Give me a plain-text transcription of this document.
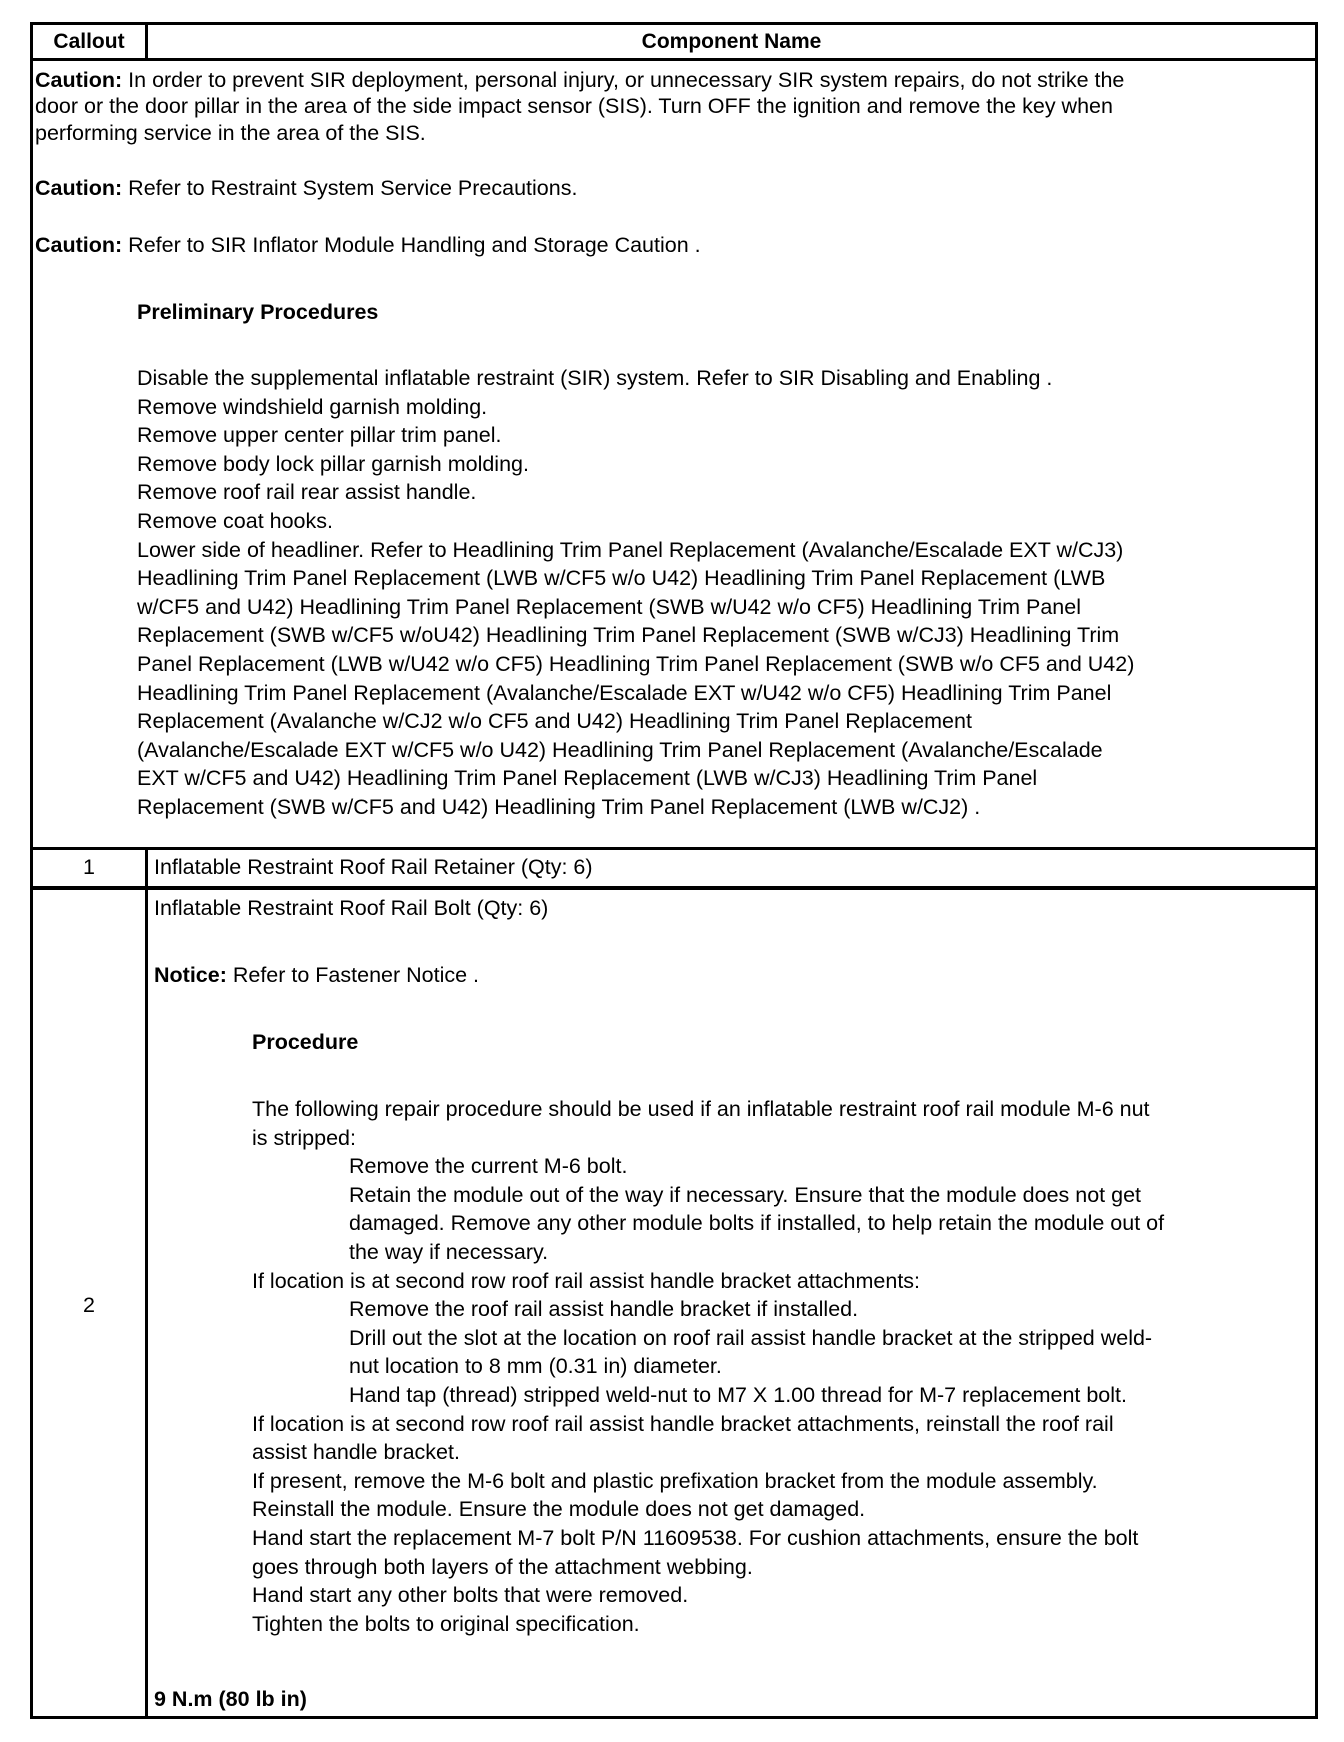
Callout	Component Name
Caution: In order to prevent SIR deployment, personal injury, or unnecessary SIR system repairs, do not strike the
door or the door pillar in the area of the side impact sensor (SIS). Turn OFF the ignition and remove the key when
performing service in the area of the SIS.
Caution: Refer to Restraint System Service Precautions.
Caution: Refer to SIR Inflator Module Handling and Storage Caution .
Preliminary Procedures
Disable the supplemental inflatable restraint (SIR) system. Refer to SIR Disabling and Enabling .
Remove windshield garnish molding.
Remove upper center pillar trim panel.
Remove body lock pillar garnish molding.
Remove roof rail rear assist handle.
Remove coat hooks.
Lower side of headliner. Refer to Headlining Trim Panel Replacement (Avalanche/Escalade EXT w/CJ3)
Headlining Trim Panel Replacement (LWB w/CF5 w/o U42) Headlining Trim Panel Replacement (LWB
w/CF5 and U42) Headlining Trim Panel Replacement (SWB w/U42 w/o CF5) Headlining Trim Panel
Replacement (SWB w/CF5 w/oU42) Headlining Trim Panel Replacement (SWB w/CJ3) Headlining Trim
Panel Replacement (LWB w/U42 w/o CF5) Headlining Trim Panel Replacement (SWB w/o CF5 and U42)
Headlining Trim Panel Replacement (Avalanche/Escalade EXT w/U42 w/o CF5) Headlining Trim Panel
Replacement (Avalanche w/CJ2 w/o CF5 and U42) Headlining Trim Panel Replacement
(Avalanche/Escalade EXT w/CF5 w/o U42) Headlining Trim Panel Replacement (Avalanche/Escalade
EXT w/CF5 and U42) Headlining Trim Panel Replacement (LWB w/CJ3) Headlining Trim Panel
Replacement (SWB w/CF5 and U42) Headlining Trim Panel Replacement (LWB w/CJ2) .
1	Inflatable Restraint Roof Rail Retainer (Qty: 6)
2
Inflatable Restraint Roof Rail Bolt (Qty: 6)
Notice: Refer to Fastener Notice .
Procedure
The following repair procedure should be used if an inflatable restraint roof rail module M-6 nut
is stripped:
Remove the current M-6 bolt.
Retain the module out of the way if necessary. Ensure that the module does not get
damaged. Remove any other module bolts if installed, to help retain the module out of
the way if necessary.
If location is at second row roof rail assist handle bracket attachments:
Remove the roof rail assist handle bracket if installed.
Drill out the slot at the location on roof rail assist handle bracket at the stripped weld-
nut location to 8 mm (0.31 in) diameter.
Hand tap (thread) stripped weld-nut to M7 X 1.00 thread for M-7 replacement bolt.
If location is at second row roof rail assist handle bracket attachments, reinstall the roof rail
assist handle bracket.
If present, remove the M-6 bolt and plastic prefixation bracket from the module assembly.
Reinstall the module. Ensure the module does not get damaged.
Hand start the replacement M-7 bolt P/N 11609538. For cushion attachments, ensure the bolt
goes through both layers of the attachment webbing.
Hand start any other bolts that were removed.
Tighten the bolts to original specification.
9 N.m (80 lb in)
